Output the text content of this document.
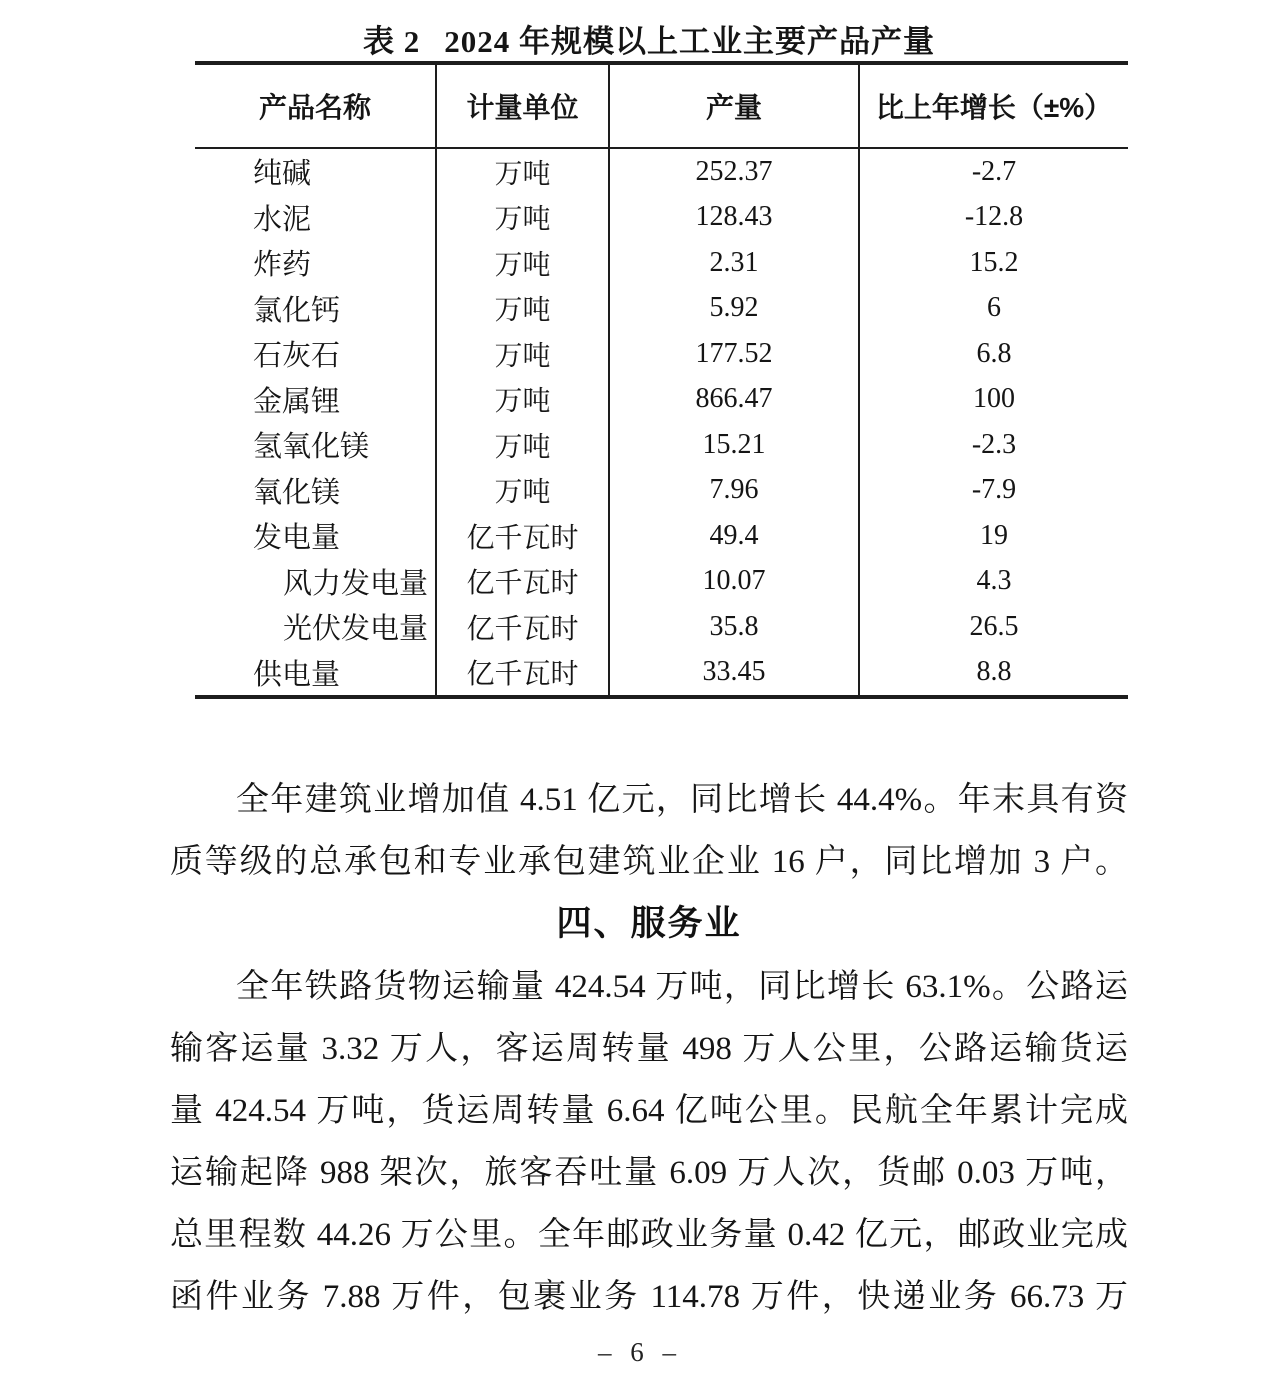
表 2 2024 年规模以上工业主要产品产量
产品名称	计量单位	产量	比上年增长（±%）
纯碱	万吨	252.37	-2.7
水泥	万吨	128.43	-12.8
炸药	万吨	2.31	15.2
氯化钙	万吨	5.92	6
石灰石	万吨	177.52	6.8
金属锂	万吨	866.47	100
氢氧化镁	万吨	15.21	-2.3
氧化镁	万吨	7.96	-7.9
发电量	亿千瓦时	49.4	19
风力发电量	亿千瓦时	10.07	4.3
光伏发电量	亿千瓦时	35.8	26.5
供电量	亿千瓦时	33.45	8.8
全年建筑业增加值 4.51 亿元，同比增长 44.4%。年末具有资
质等级的总承包和专业承包建筑业企业 16 户，同比增加 3 户。
四、服务业
全年铁路货物运输量 424.54 万吨，同比增长 63.1%。公路运
输客运量 3.32 万人，客运周转量 498 万人公里，公路运输货运
量 424.54 万吨，货运周转量 6.64 亿吨公里。民航全年累计完成
运输起降 988 架次，旅客吞吐量 6.09 万人次，货邮 0.03 万吨，
总里程数 44.26 万公里。全年邮政业务量 0.42 亿元，邮政业完成
函件业务 7.88 万件，包裹业务 114.78 万件，快递业务 66.73 万
– 6 –
